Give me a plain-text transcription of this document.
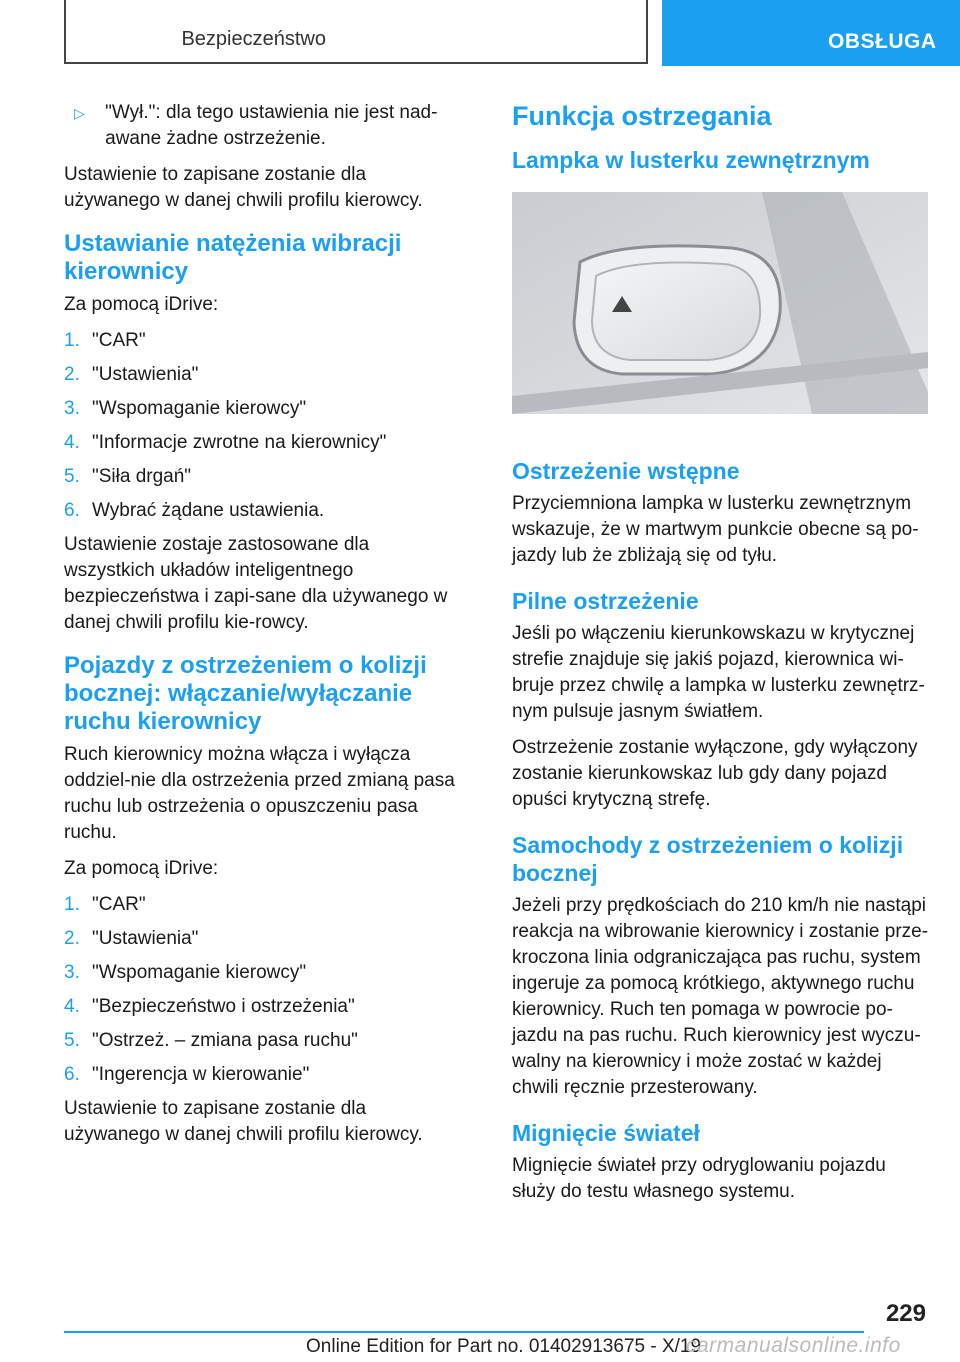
Bezpieczeństwo	OBSŁUGA
▷	"Wył.": dla tego ustawienia nie jest nad-awane żadne ostrzeżenie.

Ustawienie to zapisane zostanie dla używanego w danej chwili profilu kierowcy.

Ustawianie natężenia wibracji kierownicy

Za pomocą iDrive:

1. "CAR"
2. "Ustawienia"
3. "Wspomaganie kierowcy"
4. "Informacje zwrotne na kierownicy"
5. "Siła drgań"
6. Wybrać żądane ustawienia.

Ustawienie zostaje zastosowane dla wszystkich układów inteligentnego bezpieczeństwa i zapi-sane dla używanego w danej chwili profilu kie-rowcy.

Pojazdy z ostrzeżeniem o kolizji bocznej: włączanie/wyłączanie ruchu kierownicy

Ruch kierownicy można włącza i wyłącza oddziel-nie dla ostrzeżenia przed zmianą pasa ruchu lub ostrzeżenia o opuszczeniu pasa ruchu.

Za pomocą iDrive:

1. "CAR"
2. "Ustawienia"
3. "Wspomaganie kierowcy"
4. "Bezpieczeństwo i ostrzeżenia"
5. "Ostrzeż. – zmiana pasa ruchu"
6. "Ingerencja w kierowanie"

Ustawienie to zapisane zostanie dla używanego w danej chwili profilu kierowcy.

Funkcja ostrzegania
Lampka w lusterku zewnętrznym
Ostrzeżenie wstępne

Przyciemniona lampka w lusterku zewnętrznym wskazuje, że w martwym punkcie obecne są po-jazdy lub że zbliżają się od tyłu.

Pilne ostrzeżenie

Jeśli po włączeniu kierunkowskazu w krytycznej strefie znajduje się jakiś pojazd, kierownica wi-bruje przez chwilę a lampka w lusterku zewnętrz-nym pulsuje jasnym światłem.

Ostrzeżenie zostanie wyłączone, gdy wyłączony zostanie kierunkowskaz lub gdy dany pojazd opuści krytyczną strefę.

Samochody z ostrzeżeniem o kolizji bocznej

Jeżeli przy prędkościach do 210 km/h nie nastąpi reakcja na wibrowanie kierownicy i zostanie prze-kroczona linia odgraniczająca pas ruchu, system ingeruje za pomocą krótkiego, aktywnego ruchu kierownicy. Ruch ten pomaga w powrocie po-jazdu na pas ruchu. Ruch kierownicy jest wyczu-walny na kierownicy i może zostać w każdej chwili ręcznie przesterowany.

Mignięcie świateł

Mignięcie świateł przy odryglowaniu pojazdu służy do testu własnego systemu.

229
Online Edition for Part no. 01402913675 - X/19
carmanualsonline.info
